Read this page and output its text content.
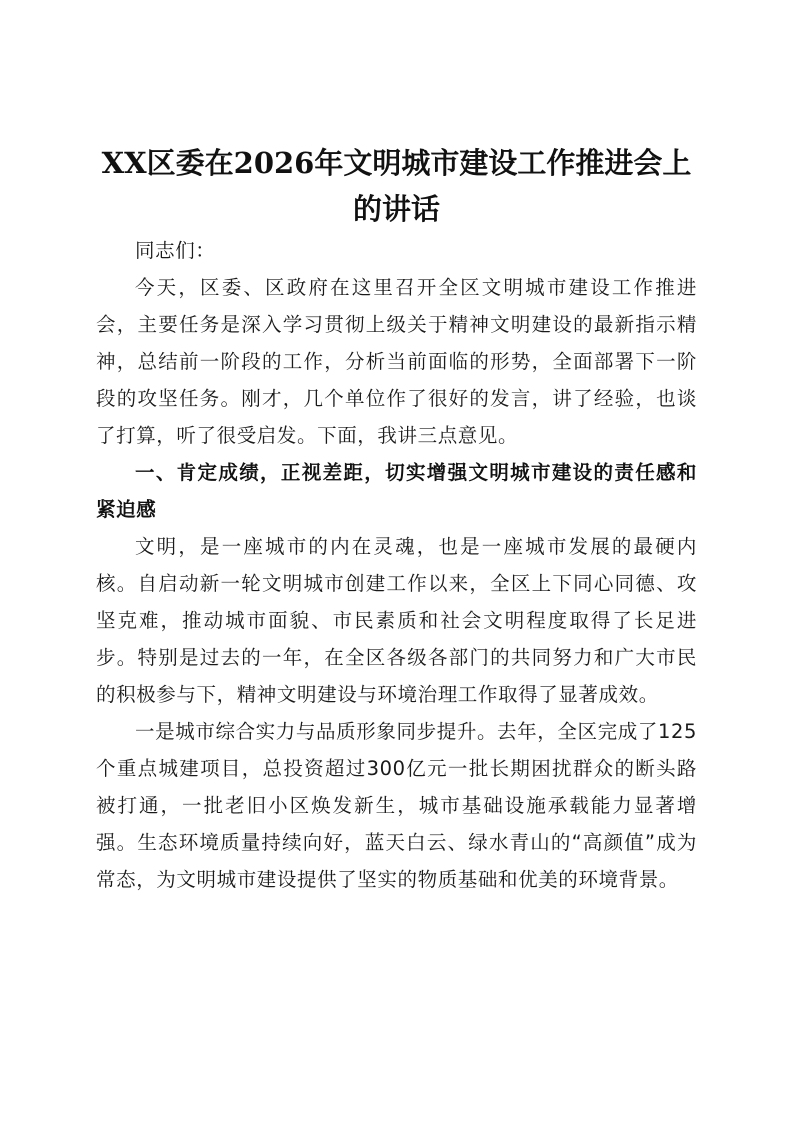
XX区委在2026年文明城市建设工作推进会上的讲话

同志们：

今天，区委、区政府在这里召开全区文明城市建设工作推进会，主要任务是深入学习贯彻上级关于精神文明建设的最新指示精神，总结前一阶段的工作，分析当前面临的形势，全面部署下一阶段的攻坚任务。刚才，几个单位作了很好的发言，讲了经验，也谈了打算，听了很受启发。下面，我讲三点意见。

一、肯定成绩，正视差距，切实增强文明城市建设的责任感和紧迫感

文明，是一座城市的内在灵魂，也是一座城市发展的最硬内核。自启动新一轮文明城市创建工作以来，全区上下同心同德、攻坚克难，推动城市面貌、市民素质和社会文明程度取得了长足进步。特别是过去的一年，在全区各级各部门的共同努力和广大市民的积极参与下，精神文明建设与环境治理工作取得了显著成效。

一是城市综合实力与品质形象同步提升。去年，全区完成了125个重点城建项目，总投资超过300亿元一批长期困扰群众的断头路被打通，一批老旧小区焕发新生，城市基础设施承载能力显著增强。生态环境质量持续向好，蓝天白云、绿水青山的“高颜值”成为常态，为文明城市建设提供了坚实的物质基础和优美的环境背景。
